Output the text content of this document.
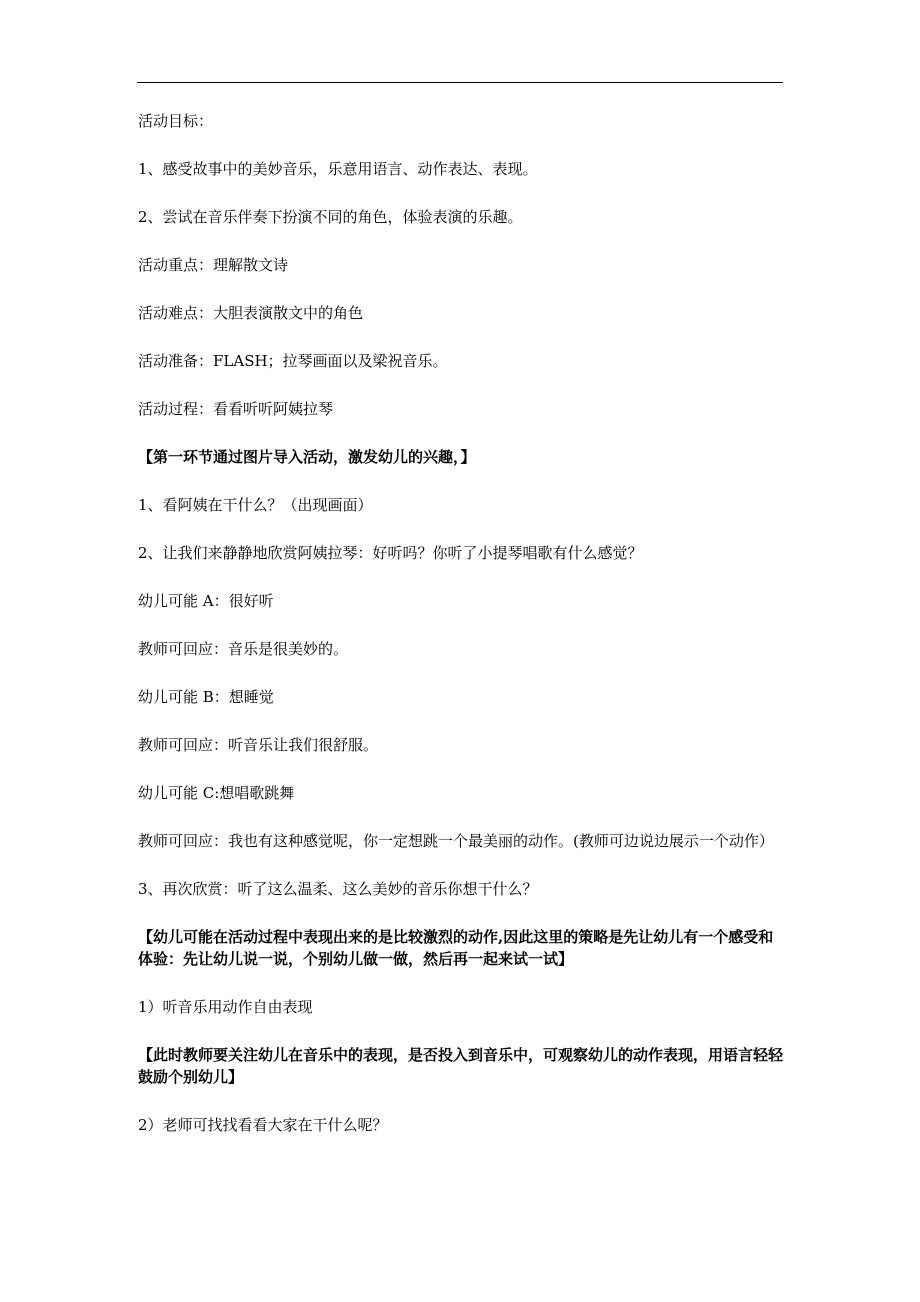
活动目标：

1、感受故事中的美妙音乐，乐意用语言、动作表达、表现。

2、尝试在音乐伴奏下扮演不同的角色，体验表演的乐趣。

活动重点：理解散文诗

活动难点：大胆表演散文中的角色

活动准备：FLASH；拉琴画面以及梁祝音乐。

活动过程：看看听听阿姨拉琴

【第一环节通过图片导入活动，激发幼儿的兴趣，】

1、看阿姨在干什么？（出现画面）

2、让我们来静静地欣赏阿姨拉琴：好听吗？你听了小提琴唱歌有什么感觉？

幼儿可能 A：很好听

教师可回应：音乐是很美妙的。

幼儿可能 B：想睡觉

教师可回应：听音乐让我们很舒服。

幼儿可能 C:想唱歌跳舞

教师可回应：我也有这种感觉呢，你一定想跳一个最美丽的动作。(教师可边说边展示一个动作）

3、再次欣赏：听了这么温柔、这么美妙的音乐你想干什么？

【幼儿可能在活动过程中表现出来的是比较激烈的动作,因此这里的策略是先让幼儿有一个感受和体验：先让幼儿说一说，个别幼儿做一做，然后再一起来试一试】

1）听音乐用动作自由表现

【此时教师要关注幼儿在音乐中的表现，是否投入到音乐中，可观察幼儿的动作表现，用语言轻轻鼓励个别幼儿】

2）老师可找找看看大家在干什么呢？
